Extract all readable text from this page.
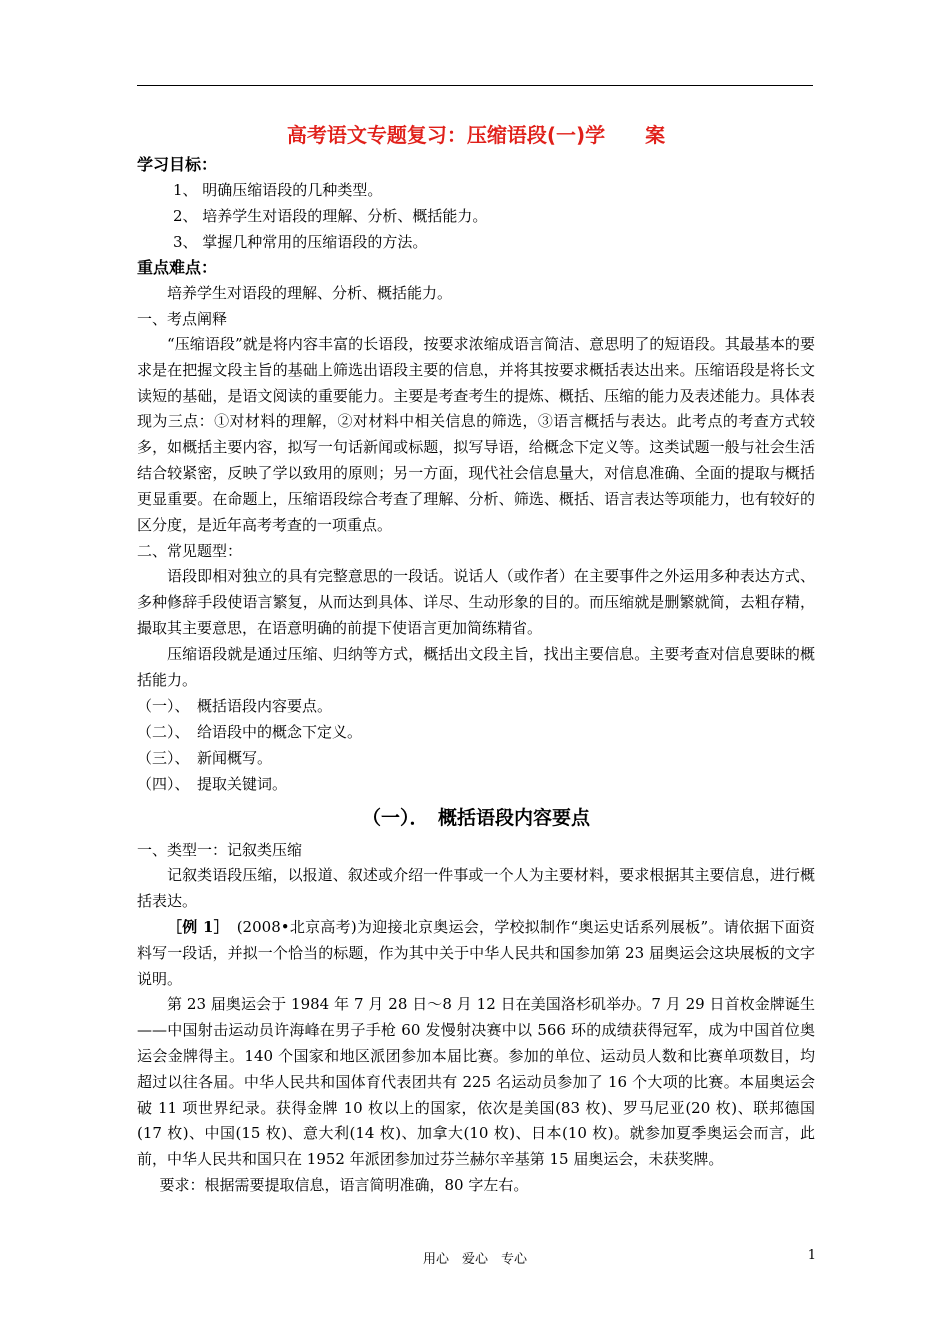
高考语文专题复习：压缩语段(一)学　　案

学习目标：

1、 明确压缩语段的几种类型。

2、 培养学生对语段的理解、分析、概括能力。

3、 掌握几种常用的压缩语段的方法。

重点难点：

培养学生对语段的理解、分析、概括能力。

一、考点阐释

“压缩语段”就是将内容丰富的长语段，按要求浓缩成语言简洁、意思明了的短语段。其最基本的要求是在把握文段主旨的基础上筛选出语段主要的信息，并将其按要求概括表达出来。压缩语段是将长文读短的基础，是语文阅读的重要能力。主要是考查考生的提炼、概括、压缩的能力及表述能力。具体表现为三点：①对材料的理解，②对材料中相关信息的筛选，③语言概括与表达。此考点的考查方式较多，如概括主要内容，拟写一句话新闻或标题，拟写导语，给概念下定义等。这类试题一般与社会生活结合较紧密，反映了学以致用的原则；另一方面，现代社会信息量大，对信息准确、全面的提取与概括更显重要。在命题上，压缩语段综合考查了理解、分析、筛选、概括、语言表达等项能力，也有较好的区分度，是近年高考考查的一项重点。

二、常见题型：

语段即相对独立的具有完整意思的一段话。说话人（或作者）在主要事件之外运用多种表达方式、多种修辞手段使语言繁复，从而达到具体、详尽、生动形象的目的。而压缩就是删繁就简，去粗存精，撮取其主要意思，在语意明确的前提下使语言更加简练精省。

压缩语段就是通过压缩、归纳等方式，概括出文段主旨，找出主要信息。主要考查对信息要眛的概括能力。

（一）、　概括语段内容要点。

（二）、　给语段中的概念下定义。

（三）、　新闻概写。

（四）、　提取关键词。

（一）．　概括语段内容要点

一、类型一：记叙类压缩

记叙类语段压缩，以报道、叙述或介绍一件事或一个人为主要材料，要求根据其主要信息，进行概括表达。

［例 1］　(2008•北京高考)为迎接北京奥运会，学校拟制作“奥运史话系列展板”。请依据下面资料写一段话，并拟一个恰当的标题，作为其中关于中华人民共和国参加第 23 届奥运会这块展板的文字说明。

第 23 届奥运会于 1984 年 7 月 28 日～8 月 12 日在美国洛杉矶举办。7 月 29 日首枚金牌诞生——中国射击运动员许海峰在男子手枪 60 发慢射决赛中以 566 环的成绩获得冠军，成为中国首位奥运会金牌得主。140 个国家和地区派团参加本届比赛。参加的单位、运动员人数和比赛单项数目，均超过以往各届。中华人民共和国体育代表团共有 225 名运动员参加了 16 个大项的比赛。本届奥运会破 11 项世界纪录。获得金牌 10 枚以上的国家，依次是美国(83 枚)、罗马尼亚(20 枚)、联邦德国(17 枚)、中国(15 枚)、意大利(14 枚)、加拿大(10 枚)、日本(10 枚)。就参加夏季奥运会而言，此前，中华人民共和国只在 1952 年派团参加过芬兰赫尔辛基第 15 届奥运会，未获奖牌。

要求：根据需要提取信息，语言简明准确，80 字左右。

用心　爱心　专心	1
